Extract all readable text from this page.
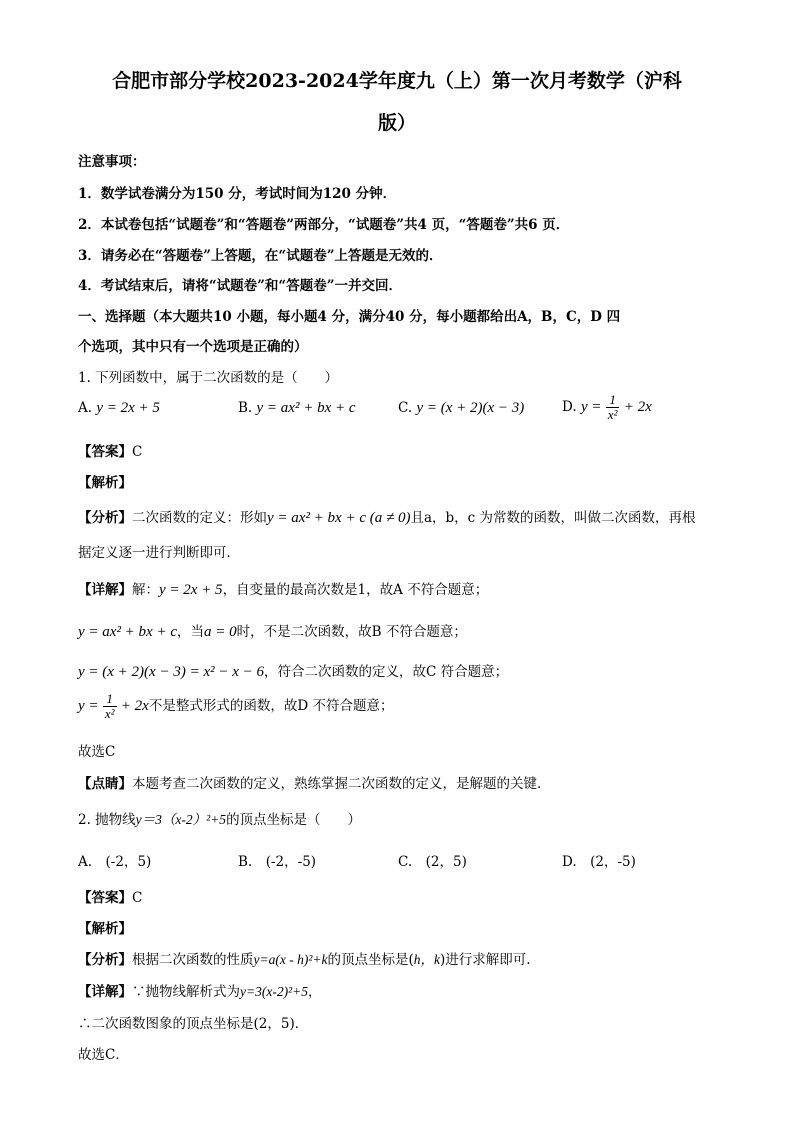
合肥市部分学校2023-2024学年度九（上）第一次月考数学（沪科
版）
注意事项：
1．数学试卷满分为150 分，考试时间为120 分钟．
2．本试卷包括“试题卷”和“答题卷”两部分，“试题卷”共4 页，“答题卷”共6 页．
3．请务必在“答题卷”上答题，在“试题卷”上答题是无效的．
4．考试结束后，请将“试题卷”和“答题卷”一并交回．
一、选择题（本大题共10 小题，每小题4 分，满分40 分，每小题都给出A，B，C，D 四
个选项，其中只有一个选项是正确的）
1. 下列函数中，属于二次函数的是（　　）
A. y = 2x + 5	B. y = ax² + bx + c	C. y = (x + 2)(x − 3)	D. $y = \frac{1}{\text{x²}} + 2x$
【答案】C
【解析】
【分析】二次函数的定义：形如y = ax² + bx + c (a ≠ 0)且a，b，c 为常数的函数，叫做二次函数，再根
据定义逐一进行判断即可．
【详解】解：y = 2x + 5，自变量的最高次数是1，故A 不符合题意；
y = ax² + bx + c，当a = 0时，不是二次函数，故B 不符合题意；
y = (x + 2)(x − 3) = x² − x − 6，符合二次函数的定义，故C 符合题意；
$y = \frac{1}{\text{x²}} + 2x$不是整式形式的函数，故D 不符合题意；
故选C
【点睛】本题考查二次函数的定义，熟练掌握二次函数的定义，是解题的关键．
2. 抛物线y＝3（x-2）²+5的顶点坐标是（　　）
A.　(-2，5)	B.　(-2，-5)	C.　(2，5)	D.　(2，-5)
【答案】C
【解析】
【分析】根据二次函数的性质y=a(x - h)²+k的顶点坐标是(h，k)进行求解即可.
【详解】∵抛物线解析式为y=3(x-2)²+5，
∴二次函数图象的顶点坐标是(2，5)．
故选C．
